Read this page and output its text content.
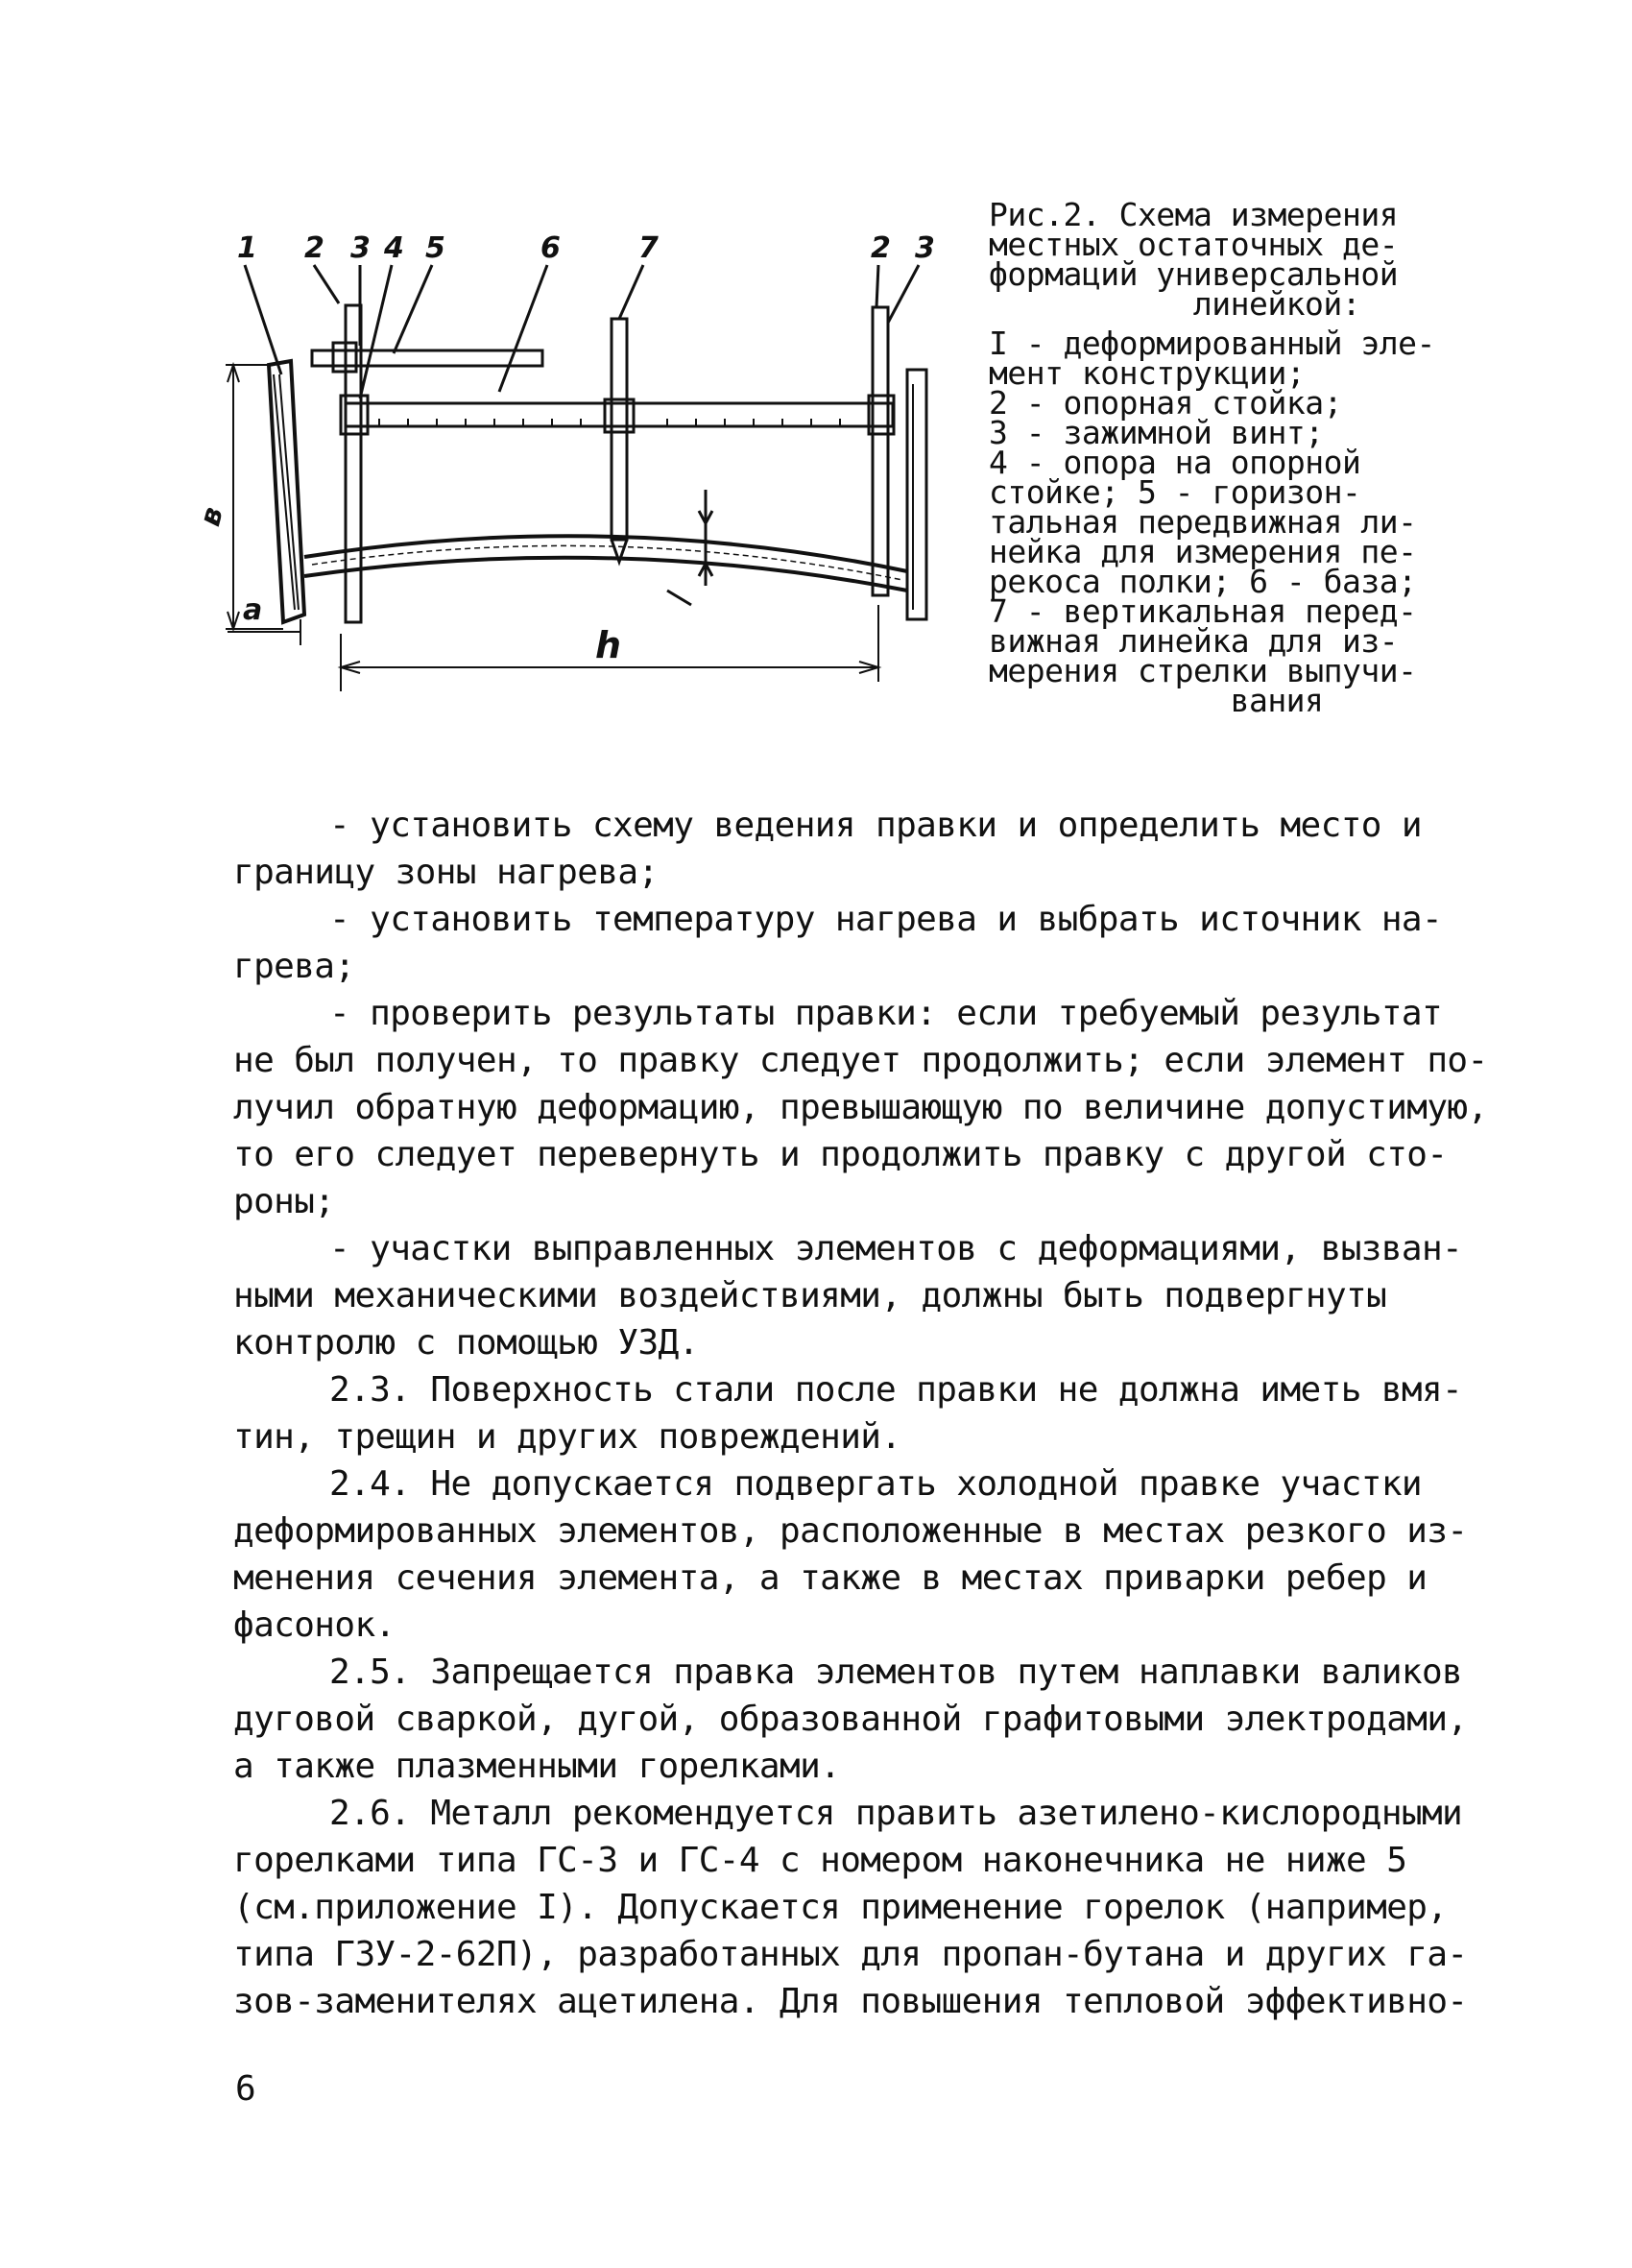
1 2 3 4 5	6	7	2 3
в
a
h
Рис.2. Схема измерения
местных остаточных де-
формаций универсальной
линейкой:
I - деформированный эле-
мент конструкции;
2 - опорная стойка;
3 - зажимной винт;
4 - опора на опорной
стойке; 5 - горизон-
тальная передвижная ли-
нейка для измерения пе-
рекоса полки; 6 - база;
7 - вертикальная перед-
вижная линейка для из-
мерения стрелки выпучи-
вания
- установить схему ведения правки и определить место и
границу зоны нагрева;
- установить температуру нагрева и выбрать источник на-
грева;
- проверить результаты правки: если требуемый результат
не был получен, то правку следует продолжить; если элемент по-
лучил обратную деформацию, превышающую по величине допустимую,
то его следует перевернуть и продолжить правку с другой сто-
роны;
- участки выправленных элементов с деформациями, вызван-
ными механическими воздействиями, должны быть подвергнуты
контролю с помощью УЗД.
2.3. Поверхность стали после правки не должна иметь вмя-
тин, трещин и других повреждений.
2.4. Не допускается подвергать холодной правке участки
деформированных элементов, расположенные в местах резкого из-
менения сечения элемента, а также в местах приварки ребер и
фасонок.
2.5. Запрещается правка элементов путем наплавки валиков
дуговой сваркой, дугой, образованной графитовыми электродами,
а также плазменными горелками.
2.6. Металл рекомендуется править азетилено-кислородными
горелками типа ГС-3 и ГС-4 с номером наконечника не ниже 5
(см.приложение I). Допускается применение горелок (например,
типа ГЗУ-2-62П), разработанных для пропан-бутана и других га-
зов-заменителях ацетилена. Для повышения тепловой эффективно-
6
